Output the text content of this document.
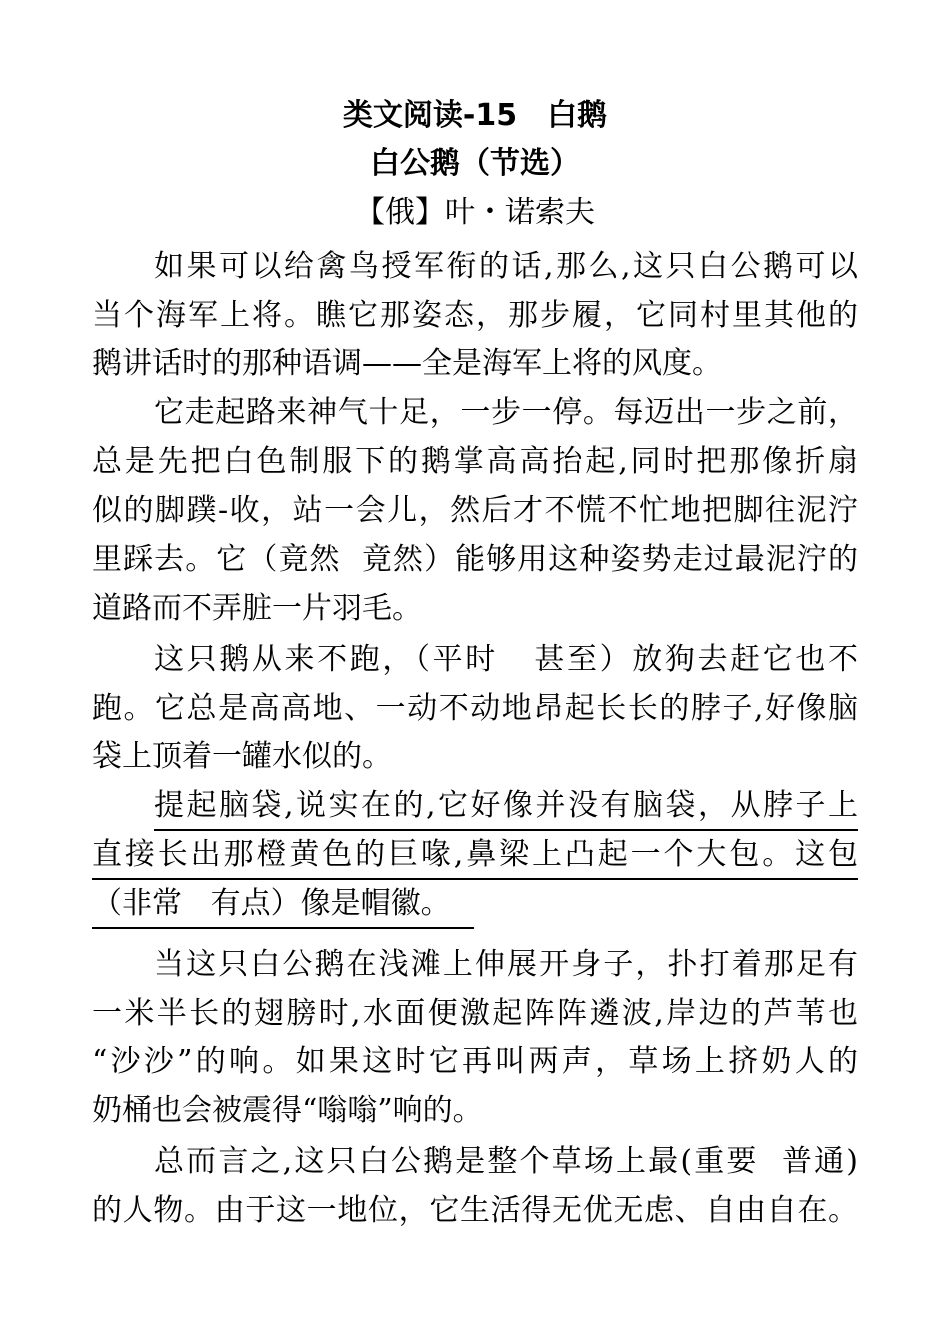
类文阅读-15　白鹅
白公鹅（节选）
【俄】叶・诺索夫
如果可以给禽鸟授军衔的话,那么,这只白公鹅可以
当个海军上将。瞧它那姿态，那步履，它同村里其他的
鹅讲话时的那种语调——全是海军上将的风度。
它走起路来神气十足，一步一停。每迈出一步之前，
总是先把白色制服下的鹅掌高高抬起,同时把那像折扇
似的脚蹼-收，站一会儿，然后才不慌不忙地把脚往泥泞
里踩去。它（竟然  竟然）能够用这种姿势走过最泥泞的
道路而不弄脏一片羽毛。
这只鹅从来不跑，（平时   甚至）放狗去赶它也不
跑。它总是高高地、一动不动地昂起长长的脖子,好像脑
袋上顶着一罐水似的。
提起脑袋,说实在的,它好像并没有脑袋，从脖子上
直接长出那橙黄色的巨喙,鼻梁上凸起一个大包。这包
（非常   有点）像是帽徽。
当这只白公鹅在浅滩上伸展开身子，扑打着那足有
一米半长的翅膀时,水面便激起阵阵遴波,岸边的芦苇也
“沙沙”的响。如果这时它再叫两声，草场上挤奶人的
奶桶也会被震得“嗡嗡”响的。
总而言之,这只白公鹅是整个草场上最(重要  普通)
的人物。由于这一地位，它生活得无优无虑、自由自在。
